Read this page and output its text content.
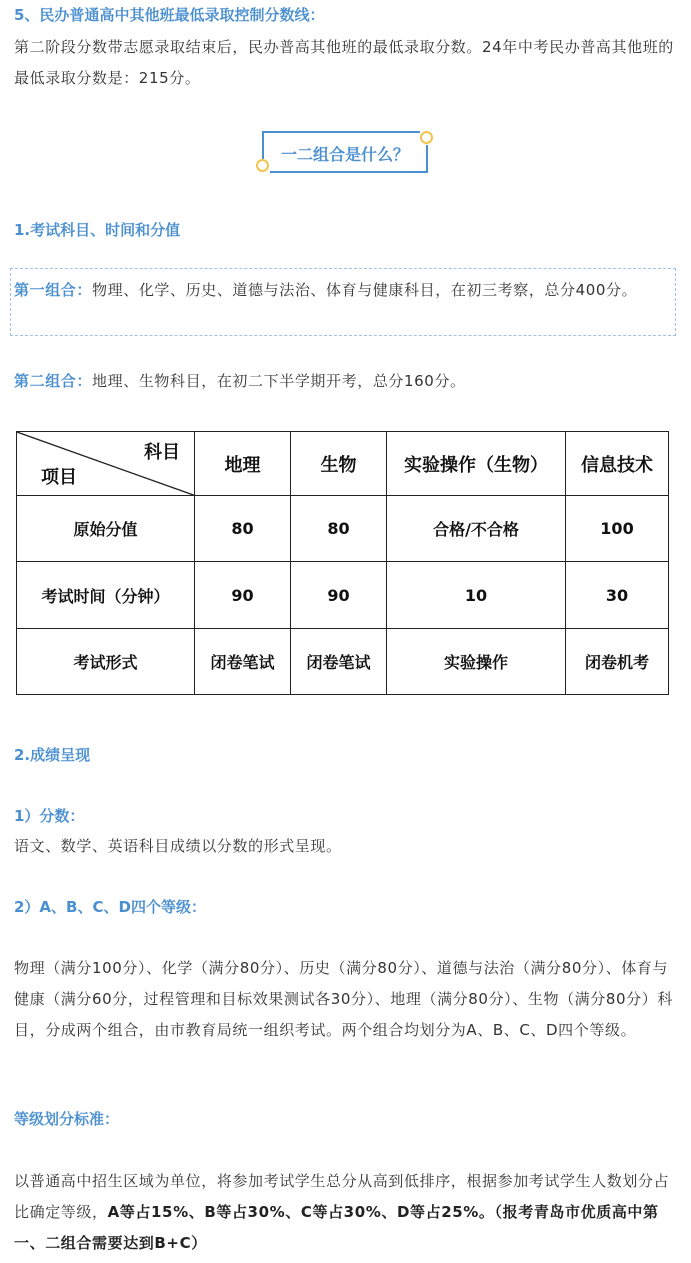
5、民办普通高中其他班最低录取控制分数线：
第二阶段分数带志愿录取结束后，民办普高其他班的最低录取分数。24年中考民办普高其他班的最低录取分数是：215分。
一二组合是什么？
1.考试科目、时间和分值
第一组合：物理、化学、历史、道德与法治、体育与健康科目，在初三考察，总分400分。
第二组合：地理、生物科目，在初二下半学期开考，总分160分。
科目
项目	地理	生物	实验操作（生物）	信息技术
原始分值	80	80	合格/不合格	100
考试时间（分钟）	90	90	10	30
考试形式	闭卷笔试	闭卷笔试	实验操作	闭卷机考
2.成绩呈现
1）分数：
语文、数学、英语科目成绩以分数的形式呈现。
2）A、B、C、D四个等级：
物理（满分100分）、化学（满分80分）、历史（满分80分）、道德与法治（满分80分）、体育与健康（满分60分，过程管理和目标效果测试各30分）、地理（满分80分）、生物（满分80分）科目，分成两个组合，由市教育局统一组织考试。两个组合均划分为A、B、C、D四个等级。
等级划分标准：
以普通高中招生区域为单位，将参加考试学生总分从高到低排序，根据参加考试学生人数划分占比确定等级，A等占15%、B等占30%、C等占30%、D等占25%。（报考青岛市优质高中第一、二组合需要达到B+C）
